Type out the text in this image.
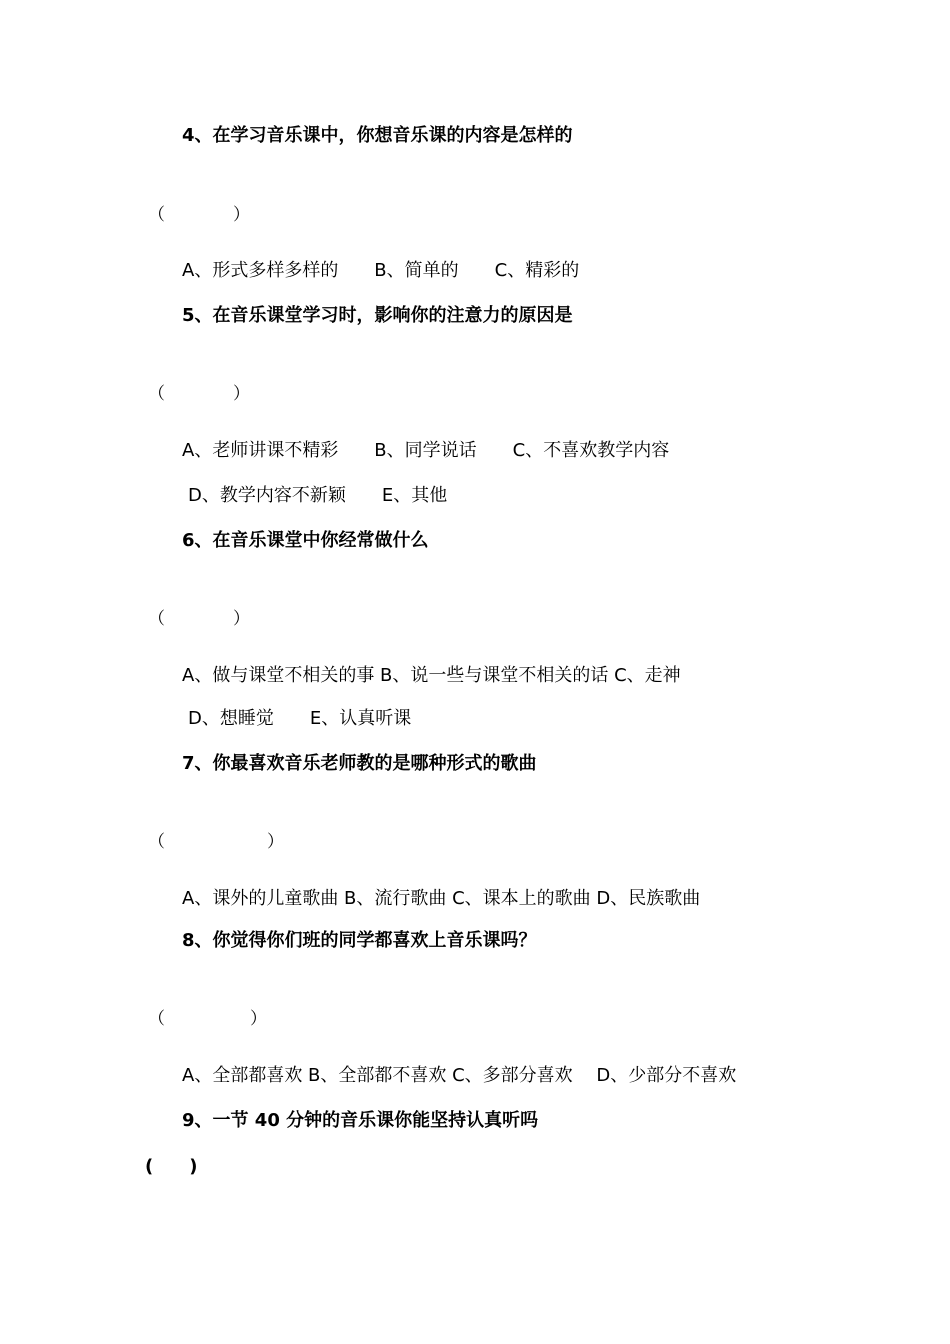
4、在学习音乐课中，你想音乐课的内容是怎样的
（　　　　）
A、形式多样多样的　　B、简单的　　C、精彩的
5、在音乐课堂学习时，影响你的注意力的原因是
（　　　　）
A、老师讲课不精彩　　B、同学说话　　C、不喜欢教学内容
D、教学内容不新颖　　E、其他
6、在音乐课堂中你经常做什么
（　　　　）
A、做与课堂不相关的事 B、说一些与课堂不相关的话 C、走神
D、想睡觉　　E、认真听课
7、你最喜欢音乐老师教的是哪种形式的歌曲
（　　　　　　）
A、课外的儿童歌曲 B、流行歌曲 C、课本上的歌曲 D、民族歌曲
8、你觉得你们班的同学都喜欢上音乐课吗？
（　　　　　）
A、全部都喜欢 B、全部都不喜欢 C、多部分喜欢　 D、少部分不喜欢
9、一节 40 分钟的音乐课你能坚持认真听吗
(　　)
